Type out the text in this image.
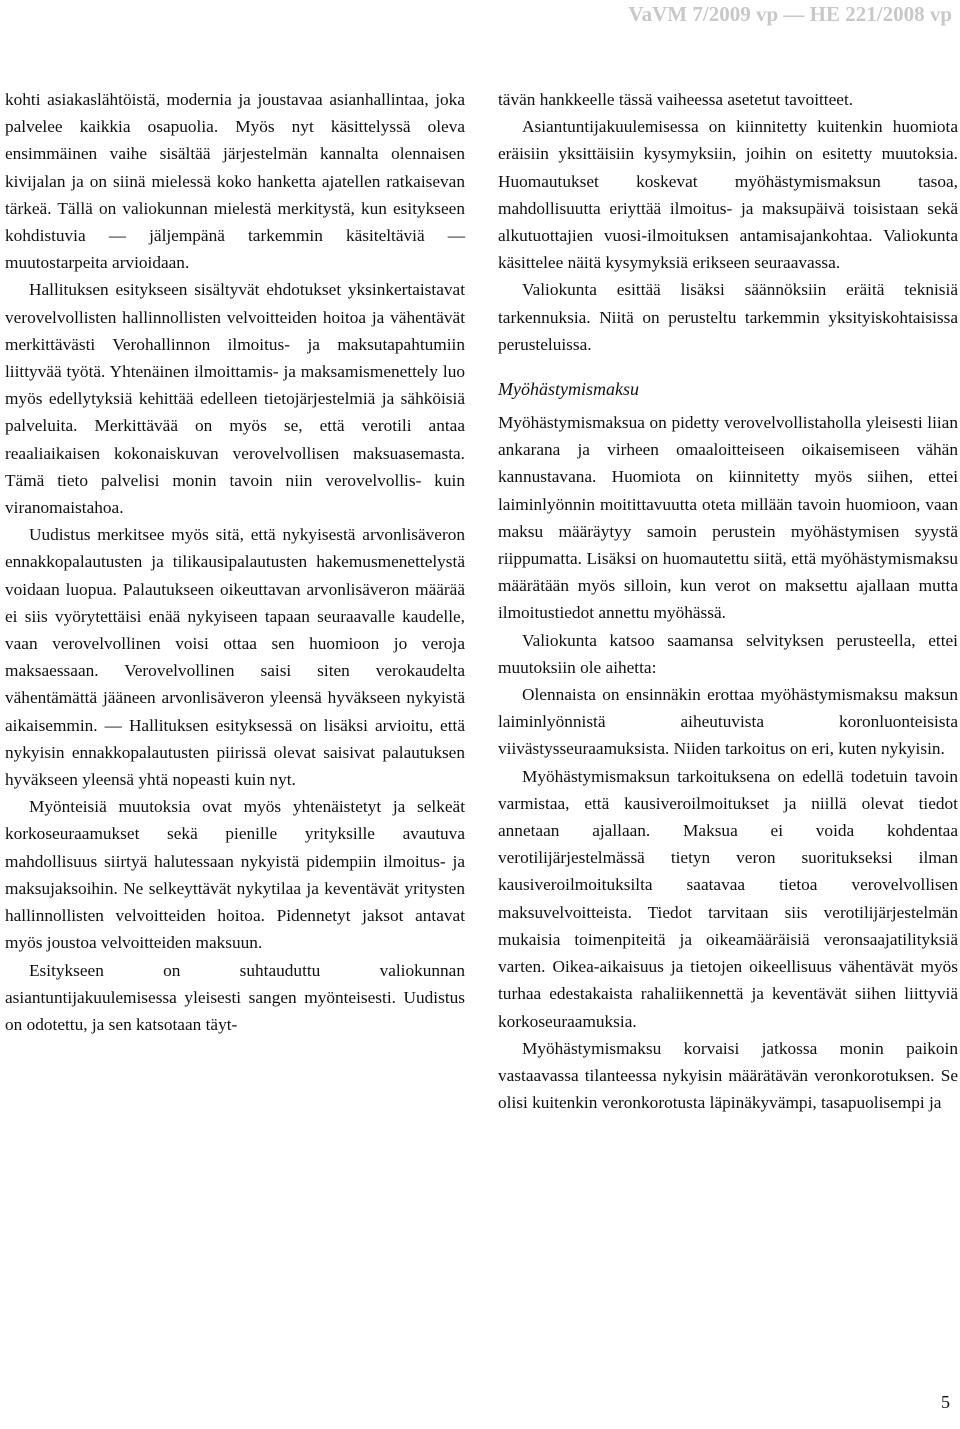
VaVM 7/2009 vp — HE 221/2008 vp

kohti asiakaslähtöistä, modernia ja joustavaa asianhallintaa, joka palvelee kaikkia osapuolia. Myös nyt käsittelyssä oleva ensimmäinen vaihe sisältää järjestelmän kannalta olennaisen kivijalan ja on siinä mielessä koko hanketta ajatellen ratkaisevan tärkeä. Tällä on valiokunnan mielestä merkitystä, kun esitykseen kohdistuvia — jäljempänä tarkemmin käsiteltäviä — muutostarpeita arvioidaan.

Hallituksen esitykseen sisältyvät ehdotukset yksinkertaistavat verovelvollisten hallinnollisten velvoitteiden hoitoa ja vähentävät merkittävästi Verohallinnon ilmoitus- ja maksutapahtumiin liittyvää työtä. Yhtenäinen ilmoittamis- ja maksamismenettely luo myös edellytyksiä kehittää edelleen tietojärjestelmiä ja sähköisiä palveluita. Merkittävää on myös se, että verotili antaa reaaliaikaisen kokonaiskuvan verovelvollisen maksuasemasta. Tämä tieto palvelisi monin tavoin niin verovelvollis- kuin viranomaistahoa.

Uudistus merkitsee myös sitä, että nykyisestä arvonlisäveron ennakkopalautusten ja tilikausipalautusten hakemusmenettelystä voidaan luopua. Palautukseen oikeuttavan arvonlisäveron määrää ei siis vyörytettäisi enää nykyiseen tapaan seuraavalle kaudelle, vaan verovelvollinen voisi ottaa sen huomioon jo veroja maksaessaan. Verovelvollinen saisi siten verokaudelta vähentämättä jääneen arvonlisäveron yleensä hyväkseen nykyistä aikaisemmin. — Hallituksen esityksessä on lisäksi arvioitu, että nykyisin ennakkopalautusten piirissä olevat saisivat palautuksen hyväkseen yleensä yhtä nopeasti kuin nyt.

Myönteisiä muutoksia ovat myös yhtenäistetyt ja selkeät korkoseuraamukset sekä pienille yrityksille avautuva mahdollisuus siirtyä halutessaan nykyistä pidempiin ilmoitus- ja maksujaksoihin. Ne selkeyttävät nykytilaa ja keventävät yritysten hallinnollisten velvoitteiden hoitoa. Pidennetyt jaksot antavat myös joustoa velvoitteiden maksuun.

Esitykseen on suhtauduttu valiokunnan asiantuntijakuulemisessa yleisesti sangen myönteisesti. Uudistus on odotettu, ja sen katsotaan täyt-

tävän hankkeelle tässä vaiheessa asetetut tavoitteet.

Asiantuntijakuulemisessa on kiinnitetty kuitenkin huomiota eräisiin yksittäisiin kysymyksiin, joihin on esitetty muutoksia. Huomautukset koskevat myöhästymismaksun tasoa, mahdollisuutta eriyttää ilmoitus- ja maksupäivä toisistaan sekä alkutuottajien vuosi-ilmoituksen antamisajankohtaa. Valiokunta käsittelee näitä kysymyksiä erikseen seuraavassa.

Valiokunta esittää lisäksi säännöksiin eräitä teknisiä tarkennuksia. Niitä on perusteltu tarkemmin yksityiskohtaisissa perusteluissa.

Myöhästymismaksu

Myöhästymismaksua on pidetty verovelvollistaholla yleisesti liian ankarana ja virheen omaaloitteiseen oikaisemiseen vähän kannustavana. Huomiota on kiinnitetty myös siihen, ettei laiminlyönnin moitittavuutta oteta millään tavoin huomioon, vaan maksu määräytyy samoin perustein myöhästymisen syystä riippumatta. Lisäksi on huomautettu siitä, että myöhästymismaksu määrätään myös silloin, kun verot on maksettu ajallaan mutta ilmoitustiedot annettu myöhässä.

Valiokunta katsoo saamansa selvityksen perusteella, ettei muutoksiin ole aihetta:

Olennaista on ensinnäkin erottaa myöhästymismaksu maksun laiminlyönnistä aiheutuvista koronluonteisista viivästysseuraamuksista. Niiden tarkoitus on eri, kuten nykyisin.

Myöhästymismaksun tarkoituksena on edellä todetuin tavoin varmistaa, että kausiveroilmoitukset ja niillä olevat tiedot annetaan ajallaan. Maksua ei voida kohdentaa verotilijärjestelmässä tietyn veron suoritukseksi ilman kausiveroilmoituksilta saatavaa tietoa verovelvollisen maksuvelvoitteista. Tiedot tarvitaan siis verotilijärjestelmän mukaisia toimenpiteitä ja oikeamääräisiä veronsaajatilityksiä varten. Oikea-aikaisuus ja tietojen oikeellisuus vähentävät myös turhaa edestakaista rahaliikennettä ja keventävät siihen liittyviä korkoseuraamuksia.

Myöhästymismaksu korvaisi jatkossa monin paikoin vastaavassa tilanteessa nykyisin määrätävän veronkorotuksen. Se olisi kuitenkin veronkorotusta läpinäkyvämpi, tasapuolisempi ja

5
